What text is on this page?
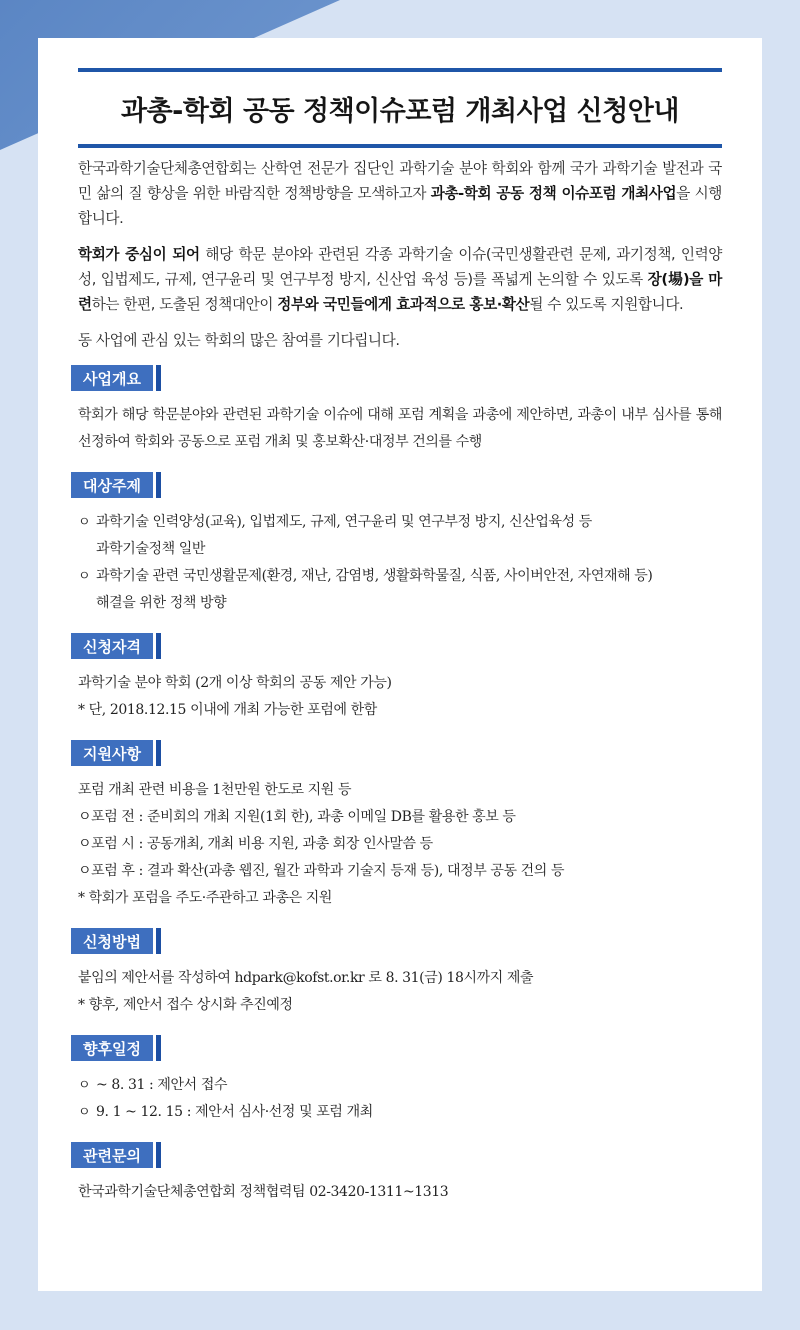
과총-학회 공동 정책이슈포럼 개최사업 신청안내

한국과학기술단체총연합회는 산학연 전문가 집단인 과학기술 분야 학회와 함께 국가 과학기술 발전과 국민 삶의 질 향상을 위한 바람직한 정책방향을 모색하고자 과총-학회 공동 정책 이슈포럼 개최사업을 시행합니다.

학회가 중심이 되어 해당 학문 분야와 관련된 각종 과학기술 이슈(국민생활관련 문제, 과기정책, 인력양성, 입법제도, 규제, 연구윤리 및 연구부정 방지, 신산업 육성 등)를 폭넓게 논의할 수 있도록 장(場)을 마련하는 한편, 도출된 정책대안이 정부와 국민들에게 효과적으로 홍보·확산될 수 있도록 지원합니다.

동 사업에 관심 있는 학회의 많은 참여를 기다립니다.

사업개요
학회가 해당 학문분야와 관련된 과학기술 이슈에 대해 포럼 계획을 과총에 제안하면, 과총이 내부 심사를 통해 선정하여 학회와 공동으로 포럼 개최 및 홍보확산·대정부 건의를 수행
대상주제
ㅇ 과학기술 인력양성(교육), 입법제도, 규제, 연구윤리 및 연구부정 방지, 신산업육성 등
과학기술정책 일반
ㅇ 과학기술 관련 국민생활문제(환경, 재난, 감염병, 생활화학물질, 식품, 사이버안전, 자연재해 등)
해결을 위한 정책 방향
신청자격
과학기술 분야 학회 (2개 이상 학회의 공동 제안 가능)
* 단, 2018.12.15 이내에 개최 가능한 포럼에 한함
지원사항
포럼 개최 관련 비용을 1천만원 한도로 지원 등
ㅇ포럼 전 : 준비회의 개최 지원(1회 한), 과총 이메일 DB를 활용한 홍보 등
ㅇ포럼 시 : 공동개최, 개최 비용 지원, 과총 회장 인사말씀 등
ㅇ포럼 후 : 결과 확산(과총 웹진, 월간 과학과 기술지 등재 등), 대정부 공동 건의 등
* 학회가 포럼을 주도·주관하고 과총은 지원
신청방법
붙임의 제안서를 작성하여 hdpark@kofst.or.kr 로 8. 31(금) 18시까지 제출
* 향후, 제안서 접수 상시화 추진예정
향후일정
ㅇ ~ 8. 31 : 제안서 접수
ㅇ 9. 1 ~ 12. 15 : 제안서 심사·선정 및 포럼 개최
관련문의
한국과학기술단체총연합회 정책협력팀 02-3420-1311~1313
